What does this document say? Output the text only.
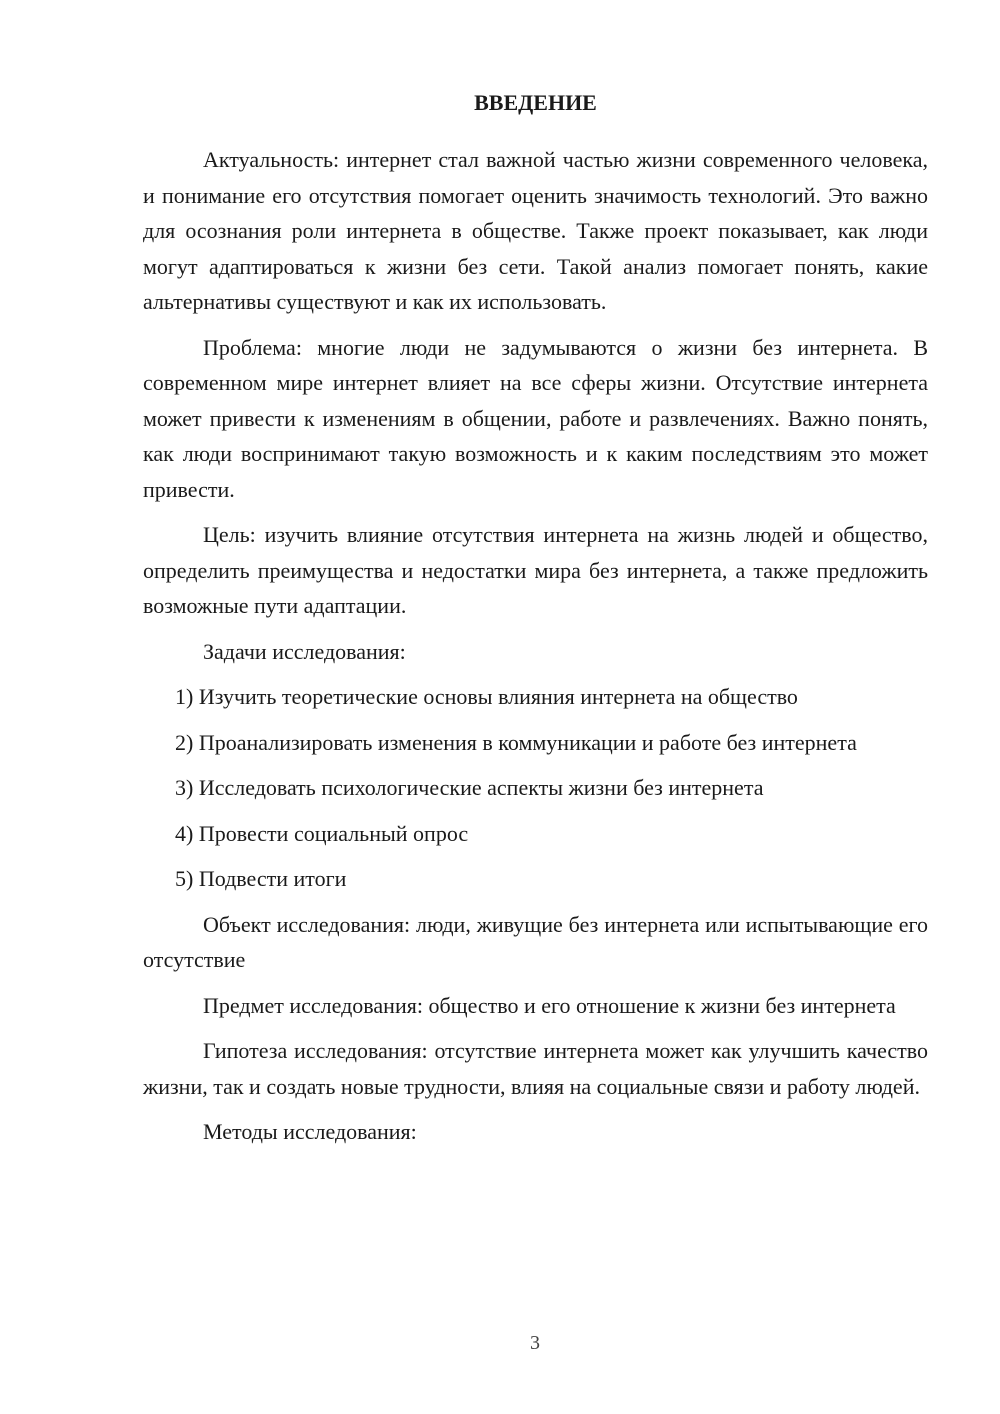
ВВЕДЕНИЕ

Актуальность: интернет стал важной частью жизни современного человека, и понимание его отсутствия помогает оценить значимость технологий. Это важно для осознания роли интернета в обществе. Также проект показывает, как люди могут адаптироваться к жизни без сети. Такой анализ помогает понять, какие альтернативы существуют и как их использовать.

Проблема: многие люди не задумываются о жизни без интернета. В современном мире интернет влияет на все сферы жизни. Отсутствие интернета может привести к изменениям в общении, работе и развлечениях. Важно понять, как люди воспринимают такую возможность и к каким последствиям это может привести.

Цель: изучить влияние отсутствия интернета на жизнь людей и общество, определить преимущества и недостатки мира без интернета, а также предложить возможные пути адаптации.

Задачи исследования:

1) Изучить теоретические основы влияния интернета на общество

2) Проанализировать изменения в коммуникации и работе без интернета

3) Исследовать психологические аспекты жизни без интернета

4) Провести социальный опрос

5) Подвести итоги

Объект исследования: люди, живущие без интернета или испытывающие его отсутствие

Предмет исследования: общество и его отношение к жизни без интернета

Гипотеза исследования: отсутствие интернета может как улучшить качество жизни, так и создать новые трудности, влияя на социальные связи и работу людей.

Методы исследования:

3
